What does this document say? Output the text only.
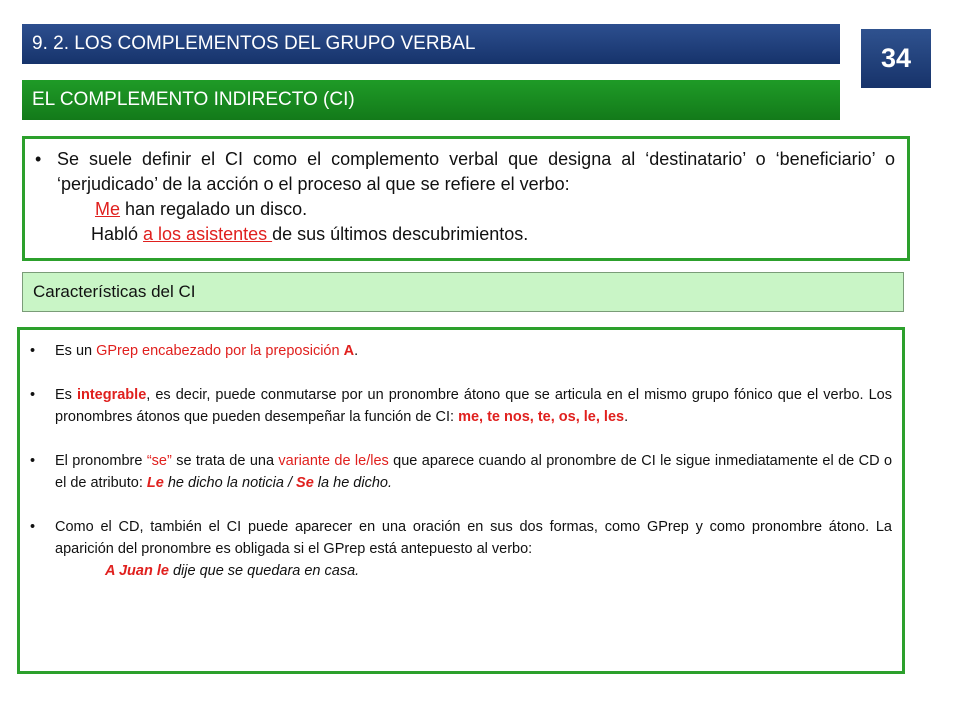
9. 2. LOS COMPLEMENTOS DEL GRUPO VERBAL	34
EL COMPLEMENTO INDIRECTO (CI)
• Se suele definir el CI como el complemento verbal que designa al ‘destinatario’ o ‘beneficiario’ o ‘perjudicado’ de la acción o el proceso al que se refiere el verbo:
Me han regalado un disco.
Habló a los asistentes de sus últimos descubrimientos.
Características del CI
•	Es un GPrep encabezado por la preposición A.
•	Es integrable, es decir, puede conmutarse por un pronombre átono que se articula en el mismo grupo fónico que el verbo. Los pronombres átonos que pueden desempeñar la función de CI: me, te nos, te, os, le, les.
•	El pronombre “se” se trata de una variante de le/les que aparece cuando al pronombre de CI le sigue inmediatamente el de CD o el de atributo: Le he dicho la noticia / Se la he dicho.
•	Como el CD, también el CI puede aparecer en una oración en sus dos formas, como GPrep y como pronombre átono. La aparición del pronombre es obligada si el GPrep está antepuesto al verbo:
A Juan le dije que se quedara en casa.
